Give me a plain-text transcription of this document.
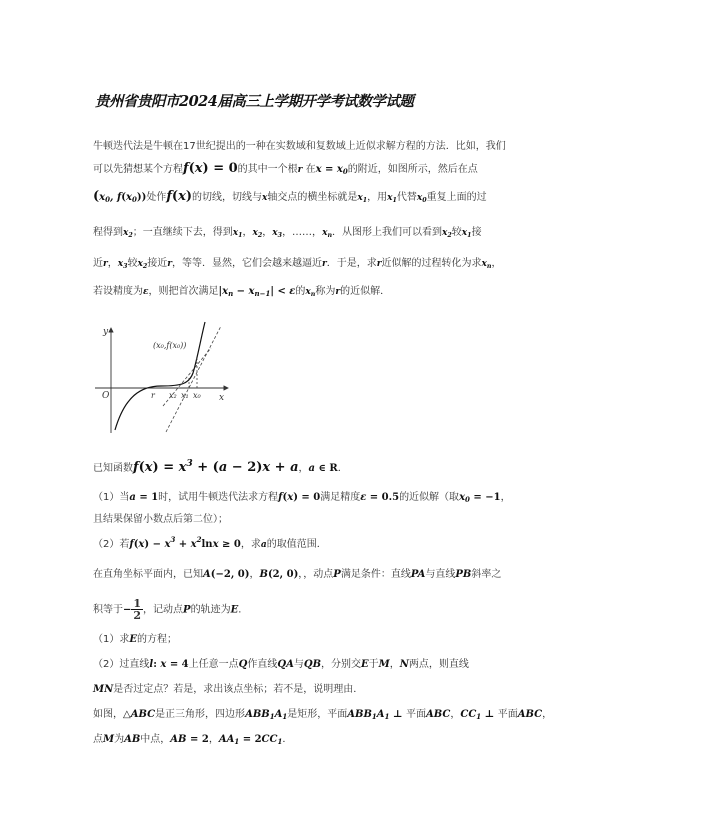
贵州省贵阳市2024届高三上学期开学考试数学试题
牛顿迭代法是牛顿在17世纪提出的一种在实数域和复数域上近似求解方程的方法．比如，我们
可以先猜想某个方程f(x) = 0的其中一个根r 在$x = x_0$的附近，如图所示，然后在点
($x_0$, $f(x_0)$)处作f(x)的切线，切线与x轴交点的横坐标就是$x_1$，用$x_1$代替$x_0$重复上面的过
程得到$x_2$；一直继续下去，得到$x_1$，$x_2$，$x_3$，……，$x_n$．从图形上我们可以看到$x_2$较$x_1$接
近r，$x_3$较$x_2$接近r，等等．显然，它们会越来越逼近r．于是，求r近似解的过程转化为求$x_n$，
若设精度为ε，则把首次满足$|x_n - x_{n-1}| < \varepsilon$的$x_n$称为r的近似解．
y
x
O
(x₀,f(x₀))
r x₂ x₁ x₀
已知函数$f(x) = x^3 + (a - 2)x + a$，a ∈ R．
（1）当a = 1时，试用牛顿迭代法求方程f(x) = 0满足精度ε = 0.5的近似解（取$x_0 = -1$，
且结果保留小数点后第二位）；
（2）若$f(x) - x^3 + x^2\ln x \ge 0$，求a的取值范围．
在直角坐标平面内，已知A(−2, 0)，B(2, 0)，，动点P满足条件：直线PA与直线PB斜率之
积等于− $\frac{1}{2}$ ，记动点P的轨迹为E．
（1）求E的方程；
（2）过直线l: x = 4上任意一点Q作直线QA与QB，分别交E于M，N两点，则直线
MN是否过定点？若是，求出该点坐标；若不是，说明理由．
如图，△ABC是正三角形，四边形$ABB_1A_1$是矩形，平面$ABB_1A_1$ ⊥ 平面ABC，$CC_1$ ⊥ 平面ABC，
点M为AB中点，AB = 2，$AA_1 = 2CC_1$．
